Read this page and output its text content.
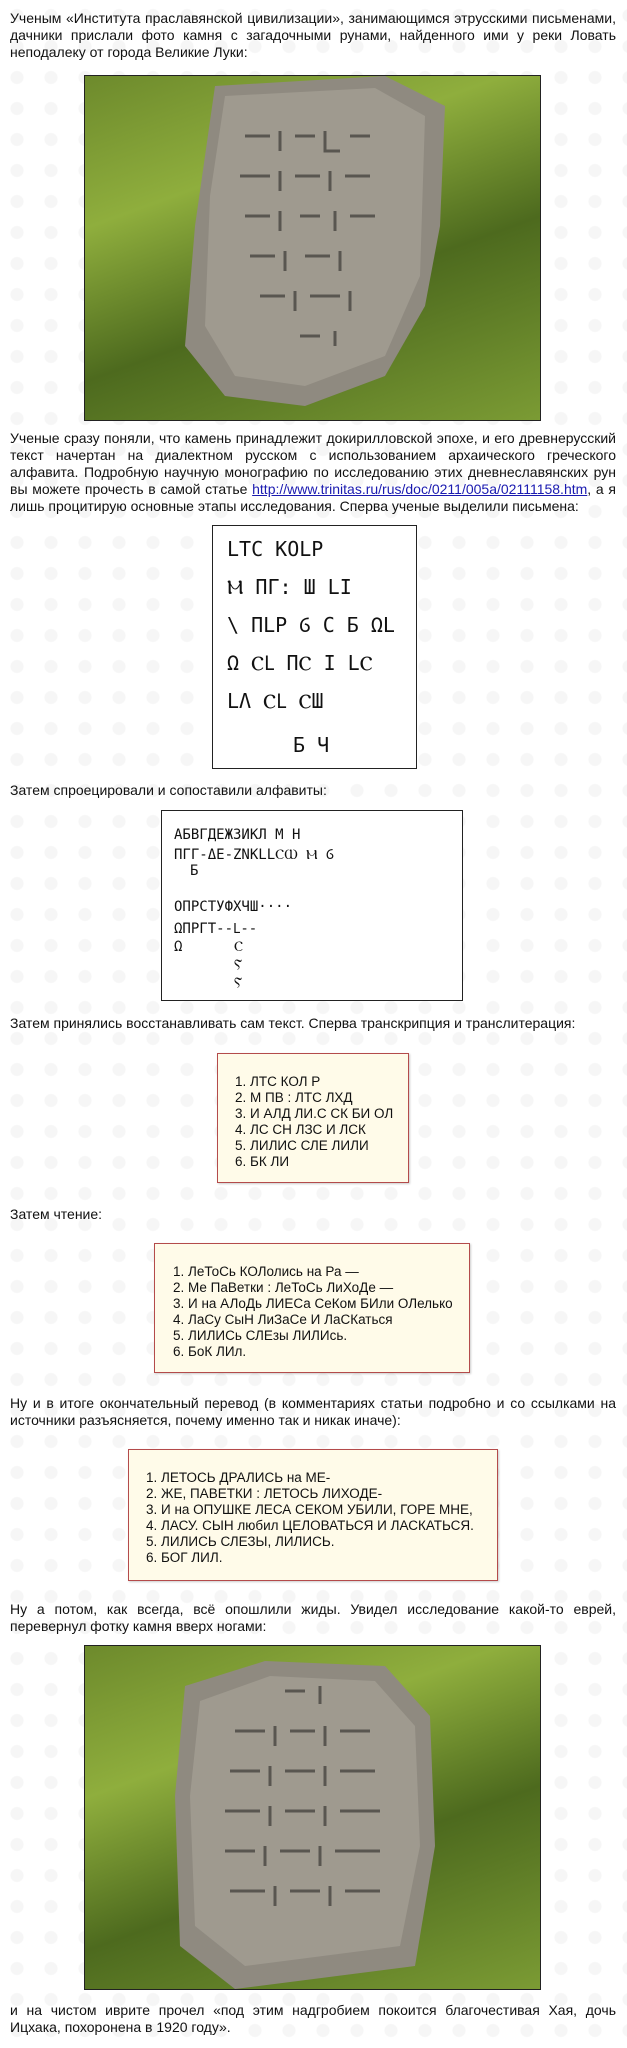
Ученым «Института праславянской цивилизации», занимающимся этрусскими письменами, дачники прислали фото камня с загадочными рунами, найденного ими у реки Ловать неподалеку от города Великие Луки:

Ученые сразу поняли, что камень принадлежит докирилловской эпохе, и его древнерусский текст начертан на диалектном русском с использованием архаического греческого алфавита. Подробную научную монографию по исследованию этих дневнеславянских рун вы можете прочесть в самой статье http://www.trinitas.ru/rus/doc/0211/005a/02111158.htm, а я лишь процитирую основные этапы исследования. Сперва ученые выделили письмена:

LTC KOLP
Ⲙ ΠΓ: Ш LΙ
\ ΠLP Ⳓ C Б ΩL
Ω ⲤⳐ ΠⲤ I LⲤ
LΛ ⲤⳐ ⲤШ
Б Ч

Затем спроецировали и сопоставили алфавиты:

АБВГДЕЖЗИКЛ М Н
ΠΓΓ-ΔΕ-ZΝΚLLⲤⲰ Ⲙ Ⳓ
Б
ОПРСТУФХЧШ····
ΩΠΡΓΤ--Ⳑ--
Ω	Ⲥ
Ⲋ
Ⲋ

Затем принялись восстанавливать сам текст. Сперва транскрипция и транслитерация:

1. ЛТС КОЛ Р
2. М ПВ : ЛТС ЛХД
3. И АЛД ЛИ.С СК БИ ОЛ
4. ЛС СН ЛЗС И ЛСК
5. ЛИЛИС СЛЕ ЛИЛИ
6. БК ЛИ

Затем чтение:

1. ЛеТоСь КОЛолись на Ра —
2. Ме ПаВетки : ЛеТоСь ЛиХоДе —
3. И на АЛоДь ЛИЕСа СеКом БИли ОЛелько
4. ЛаСу СыН ЛиЗаСе И ЛаСКаться
5. ЛИЛИСь СЛЕзы ЛИЛИсь.
6. БоК ЛИл.

Ну и в итоге окончательный перевод (в комментариях статьи подробно и со ссылками на источники разъясняется, почему именно так и никак иначе):

1. ЛЕТОСЬ ДРАЛИСЬ на МЕ-
2. ЖЕ, ПАВЕТКИ : ЛЕТОСЬ ЛИХОДЕ-
3. И на ОПУШКЕ ЛЕСА СЕКОМ УБИЛИ, ГОРЕ МНЕ,
4. ЛАСУ. СЫН любил ЦЕЛОВАТЬСЯ И ЛАСКАТЬСЯ.
5. ЛИЛИСЬ СЛЕЗЫ, ЛИЛИСЬ.
6. БОГ ЛИЛ.

Ну а потом, как всегда, всё опошлили жиды. Увидел исследование какой-то еврей, перевернул фотку камня вверх ногами:

и на чистом иврите прочел «под этим надгробием покоится благочестивая Хая, дочь Ицхака, похоронена в 1920 году».
